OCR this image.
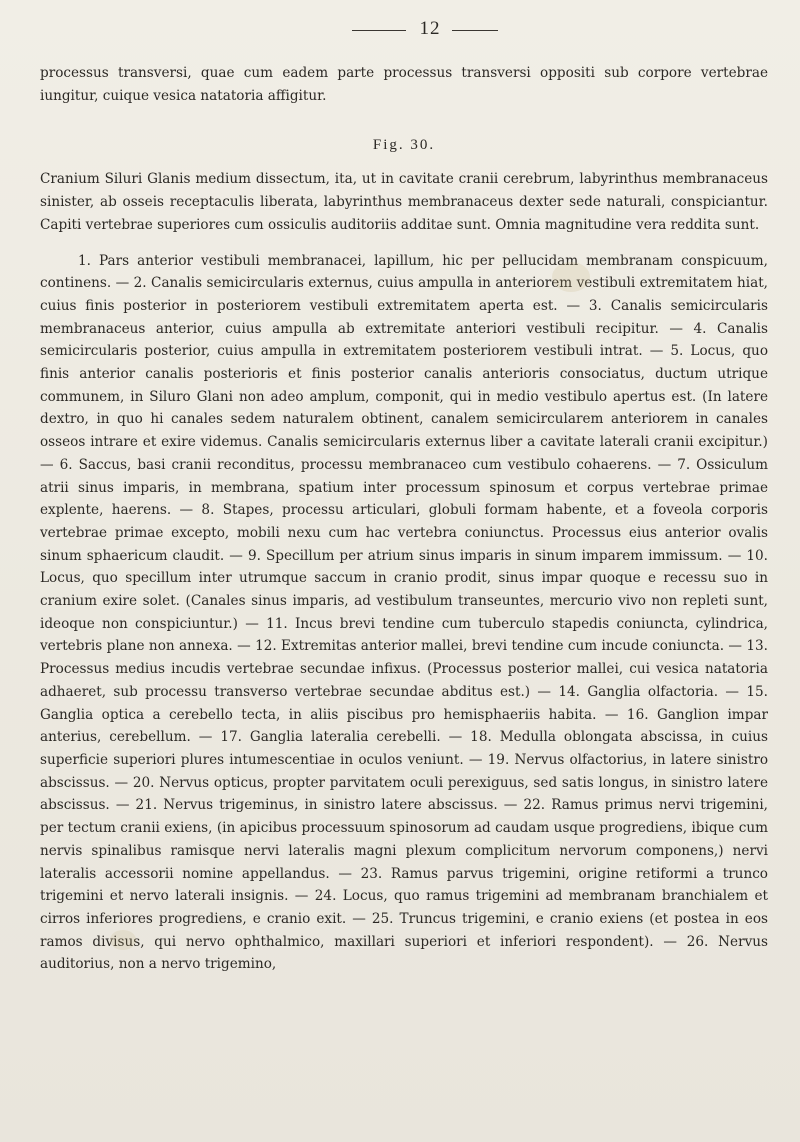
12

processus transversi, quae cum eadem parte processus transversi oppositi sub corpore vertebrae iungitur, cuique vesica natatoria affigitur.

Fig. 30.

Cranium Siluri Glanis medium dissectum, ita, ut in cavitate cranii cerebrum, labyrinthus membranaceus sinister, ab osseis receptaculis liberata, labyrinthus membranaceus dexter sede naturali, conspiciantur. Capiti vertebrae superiores cum ossiculis auditoriis additae sunt. Omnia magnitudine vera reddita sunt.

1. Pars anterior vestibuli membranacei, lapillum, hic per pellucidam membranam conspicuum, continens. — 2. Canalis semicircularis externus, cuius ampulla in anteriorem vestibuli extremitatem hiat, cuius finis posterior in posteriorem vestibuli extremitatem aperta est. — 3. Canalis semicircularis membranaceus anterior, cuius ampulla ab extremitate anteriori vestibuli recipitur. — 4. Canalis semicircularis posterior, cuius ampulla in extremitatem posteriorem vestibuli intrat. — 5. Locus, quo finis anterior canalis posterioris et finis posterior canalis anterioris consociatus, ductum utrique communem, in Siluro Glani non adeo amplum, componit, qui in medio vestibulo apertus est. (In latere dextro, in quo hi canales sedem naturalem obtinent, canalem semicircularem anteriorem in canales osseos intrare et exire videmus. Canalis semicircularis externus liber a cavitate laterali cranii excipitur.) — 6. Saccus, basi cranii reconditus, processu membranaceo cum vestibulo cohaerens. — 7. Ossiculum atrii sinus imparis, in membrana, spatium inter processum spinosum et corpus vertebrae primae explente, haerens. — 8. Stapes, processu articulari, globuli formam habente, et a foveola corporis vertebrae primae excepto, mobili nexu cum hac vertebra coniunctus. Processus eius anterior ovalis sinum sphaericum claudit. — 9. Specillum per atrium sinus imparis in sinum imparem immissum. — 10. Locus, quo specillum inter utrumque saccum in cranio prodit, sinus impar quoque e recessu suo in cranium exire solet. (Canales sinus imparis, ad vestibulum transeuntes, mercurio vivo non repleti sunt, ideoque non conspiciuntur.) — 11. Incus brevi tendine cum tuberculo stapedis coniuncta, cylindrica, vertebris plane non annexa. — 12. Extremitas anterior mallei, brevi tendine cum incude coniuncta. — 13. Processus medius incudis vertebrae secundae infixus. (Processus posterior mallei, cui vesica natatoria adhaeret, sub processu transverso vertebrae secundae abditus est.) — 14. Ganglia olfactoria. — 15. Ganglia optica a cerebello tecta, in aliis piscibus pro hemisphaeriis habita. — 16. Ganglion impar anterius, cerebellum. — 17. Ganglia lateralia cerebelli. — 18. Medulla oblongata abscissa, in cuius superficie superiori plures intumescentiae in oculos veniunt. — 19. Nervus olfactorius, in latere sinistro abscissus. — 20. Nervus opticus, propter parvitatem oculi perexiguus, sed satis longus, in sinistro latere abscissus. — 21. Nervus trigeminus, in sinistro latere abscissus. — 22. Ramus primus nervi trigemini, per tectum cranii exiens, (in apicibus processuum spinosorum ad caudam usque progrediens, ibique cum nervis spinalibus ramisque nervi lateralis magni plexum complicitum nervorum componens,) nervi lateralis accessorii nomine appellandus. — 23. Ramus parvus trigemini, origine retiformi a trunco trigemini et nervo laterali insignis. — 24. Locus, quo ramus trigemini ad membranam branchialem et cirros inferiores progrediens, e cranio exit. — 25. Truncus trigemini, e cranio exiens (et postea in eos ramos divisus, qui nervo ophthalmico, maxillari superiori et inferiori respondent). — 26. Nervus auditorius, non a nervo trigemino,
